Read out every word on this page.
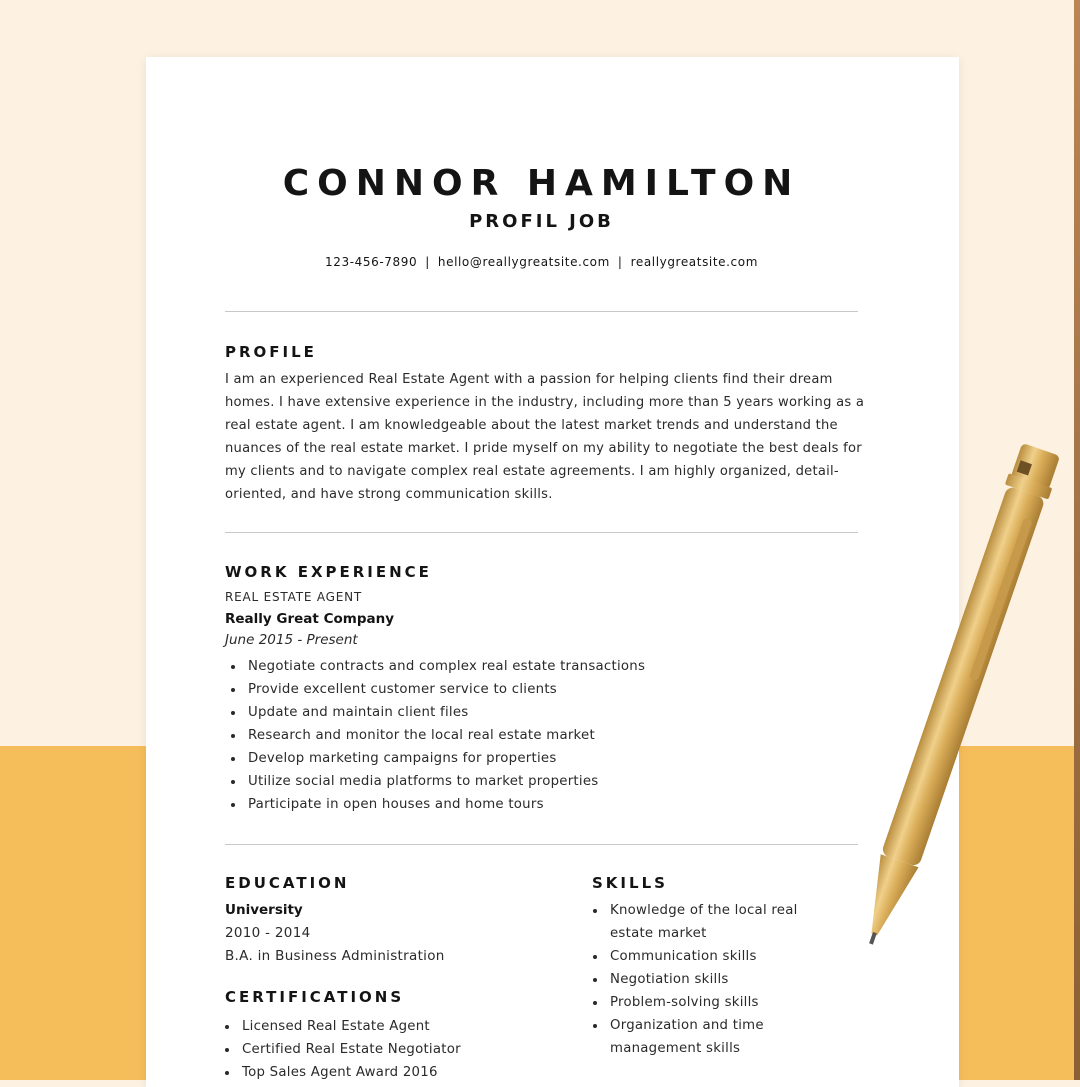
CONNOR HAMILTON
PROFIL JOB
123-456-7890 | hello@reallygreatsite.com | reallygreatsite.com
PROFILE

I am an experienced Real Estate Agent with a passion for helping clients find their dream homes. I have extensive experience in the industry, including more than 5 years working as a real estate agent. I am knowledgeable about the latest market trends and understand the nuances of the real estate market. I pride myself on my ability to negotiate the best deals for my clients and to navigate complex real estate agreements. I am highly organized, detail-oriented, and have strong communication skills.

WORK EXPERIENCE

REAL ESTATE AGENT

Really Great Company

June 2015 - Present

Negotiate contracts and complex real estate transactions
Provide excellent customer service to clients
Update and maintain client files
Research and monitor the local real estate market
Develop marketing campaigns for properties
Utilize social media platforms to market properties
Participate in open houses and home tours
EDUCATION

University

2010 - 2014

B.A. in Business Administration

CERTIFICATIONS
Licensed Real Estate Agent
Certified Real Estate Negotiator
Top Sales Agent Award 2016
SKILLS
Knowledge of the local real estate market
Communication skills
Negotiation skills
Problem-solving skills
Organization and time management skills
